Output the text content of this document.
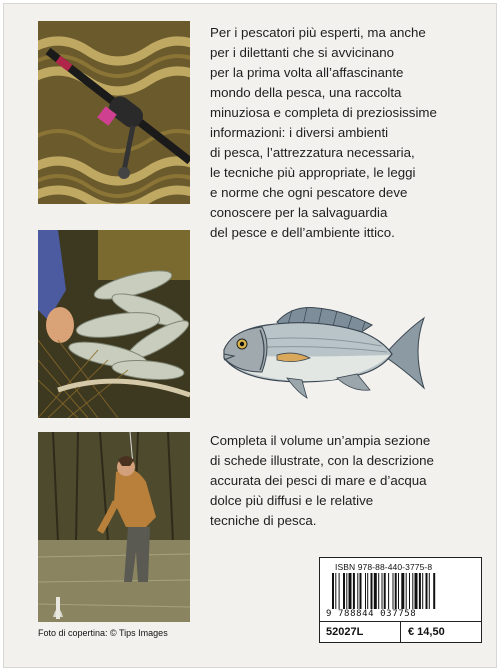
Per i pescatori più esperti, ma anche
per i dilettanti che si avvicinano
per la prima volta all’affascinante
mondo della pesca, una raccolta
minuziosa e completa di preziosissime
informazioni: i diversi ambienti
di pesca, l’attrezzatura necessaria,
le tecniche più appropriate, le leggi
e norme che ogni pescatore deve
conoscere per la salvaguardia
del pesce e dell’ambiente ittico.
Completa il volume un’ampia sezione
di schede illustrate, con la descrizione
accurata dei pesci di mare e d’acqua
dolce più diffusi e le relative
tecniche di pesca.
ISBN 978-88-440-3775-8
9 788844 037758
52027L	€ 14,50
Foto di copertina: © Tips Images
